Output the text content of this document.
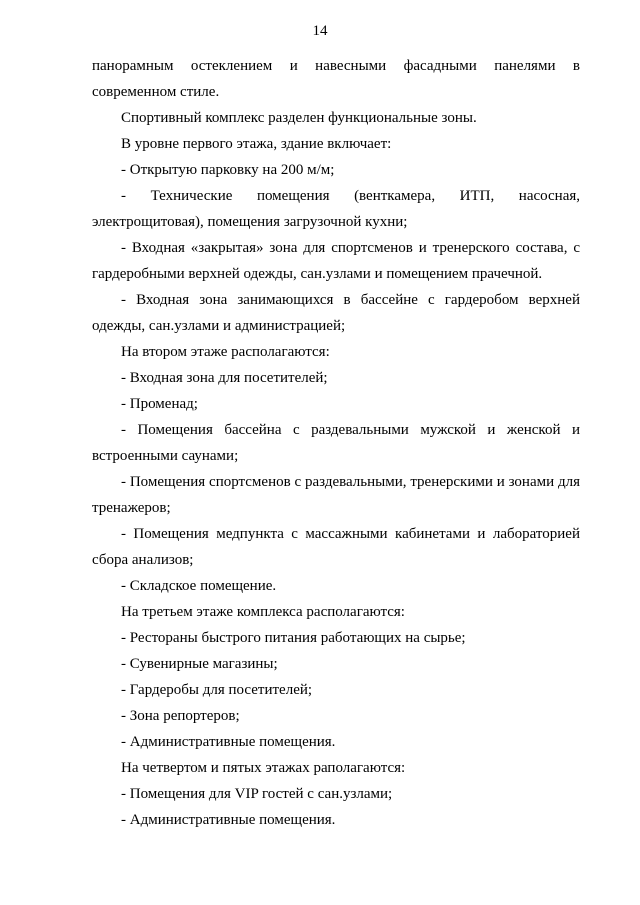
14

панорамным остеклением и навесными фасадными панелями в современном стиле.

Спортивный комплекс разделен функциональные зоны.

В уровне первого этажа, здание включает:

- Открытую парковку на 200 м/м;

- Технические помещения (венткамера, ИТП, насосная, электрощитовая), помещения загрузочной кухни;

- Входная «закрытая» зона для спортсменов и тренерского состава, с гардеробными верхней одежды, сан.узлами и помещением прачечной.

- Входная зона занимающихся в бассейне с гардеробом верхней одежды, сан.узлами и администрацией;

На втором этаже располагаются:

- Входная зона для посетителей;

- Променад;

- Помещения бассейна с раздевальными мужской и женской и встроенными саунами;

- Помещения спортсменов с раздевальными, тренерскими и зонами для тренажеров;

- Помещения медпункта с массажными кабинетами и лабораторией сбора анализов;

- Складское помещение.

На третьем этаже комплекса располагаются:

- Рестораны быстрого питания работающих на сырье;

- Сувенирные магазины;

- Гардеробы для посетителей;

- Зона репортеров;

- Административные помещения.

На четвертом и пятых этажах раполагаются:

- Помещения для VIP гостей с сан.узлами;

- Административные помещения.
